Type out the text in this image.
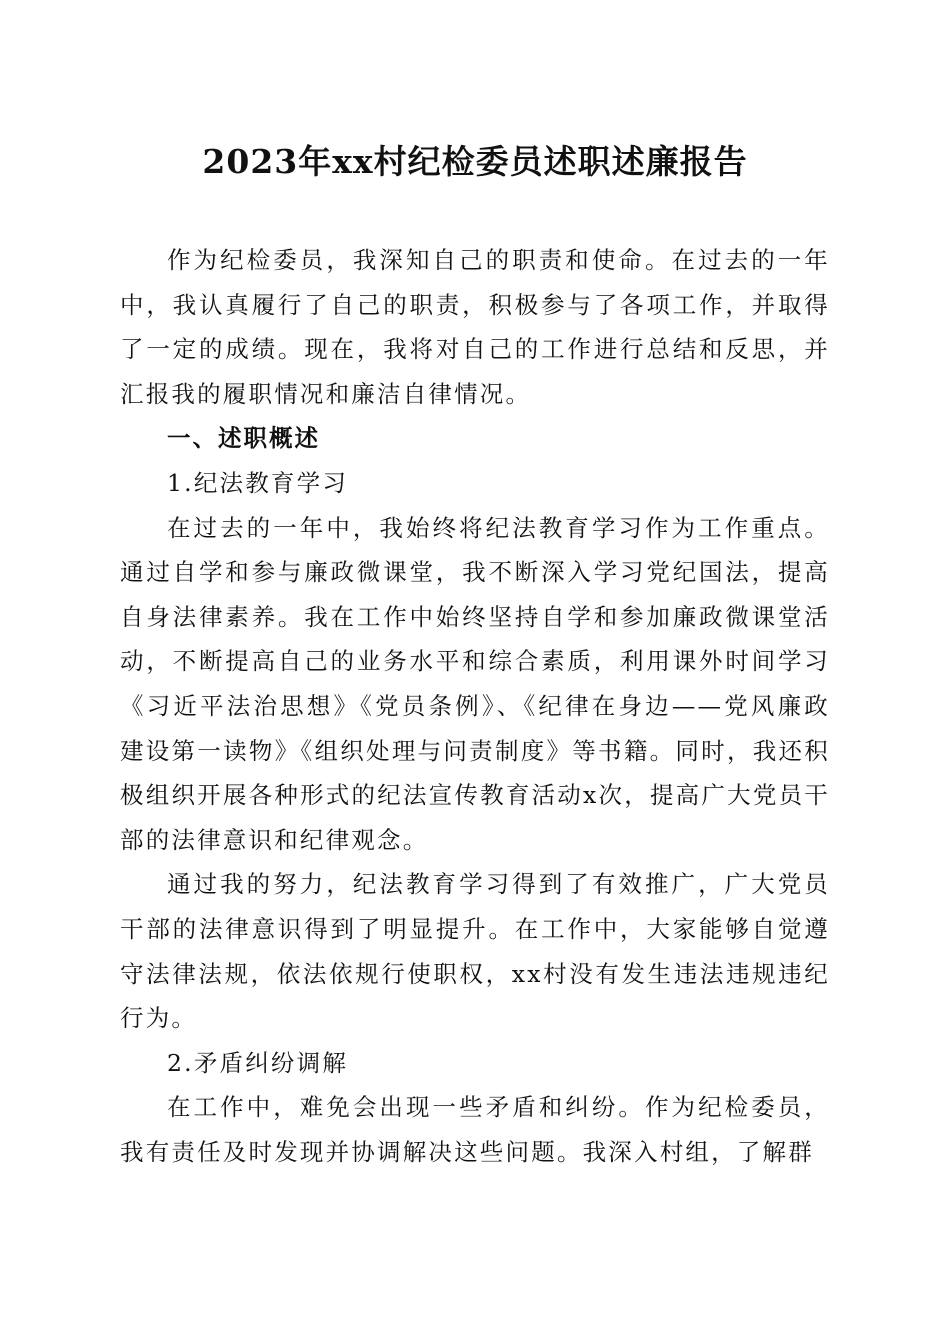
2023年xx村纪检委员述职述廉报告

作为纪检委员，我深知自己的职责和使命。在过去的一年中，我认真履行了自己的职责，积极参与了各项工作，并取得了一定的成绩。现在，我将对自己的工作进行总结和反思，并汇报我的履职情况和廉洁自律情况。

一、述职概述

1.纪法教育学习

在过去的一年中，我始终将纪法教育学习作为工作重点。通过自学和参与廉政微课堂，我不断深入学习党纪国法，提高自身法律素养。我在工作中始终坚持自学和参加廉政微课堂活动，不断提高自己的业务水平和综合素质，利用课外时间学习《习近平法治思想》《党员条例》、《纪律在身边——党风廉政建设第一读物》《组织处理与问责制度》等书籍。同时，我还积极组织开展各种形式的纪法宣传教育活动x次，提高广大党员干部的法律意识和纪律观念。

通过我的努力，纪法教育学习得到了有效推广，广大党员干部的法律意识得到了明显提升。在工作中，大家能够自觉遵守法律法规，依法依规行使职权，xx村没有发生违法违规违纪行为。

2.矛盾纠纷调解

在工作中，难免会出现一些矛盾和纠纷。作为纪检委员，我有责任及时发现并协调解决这些问题。我深入村组，了解群
